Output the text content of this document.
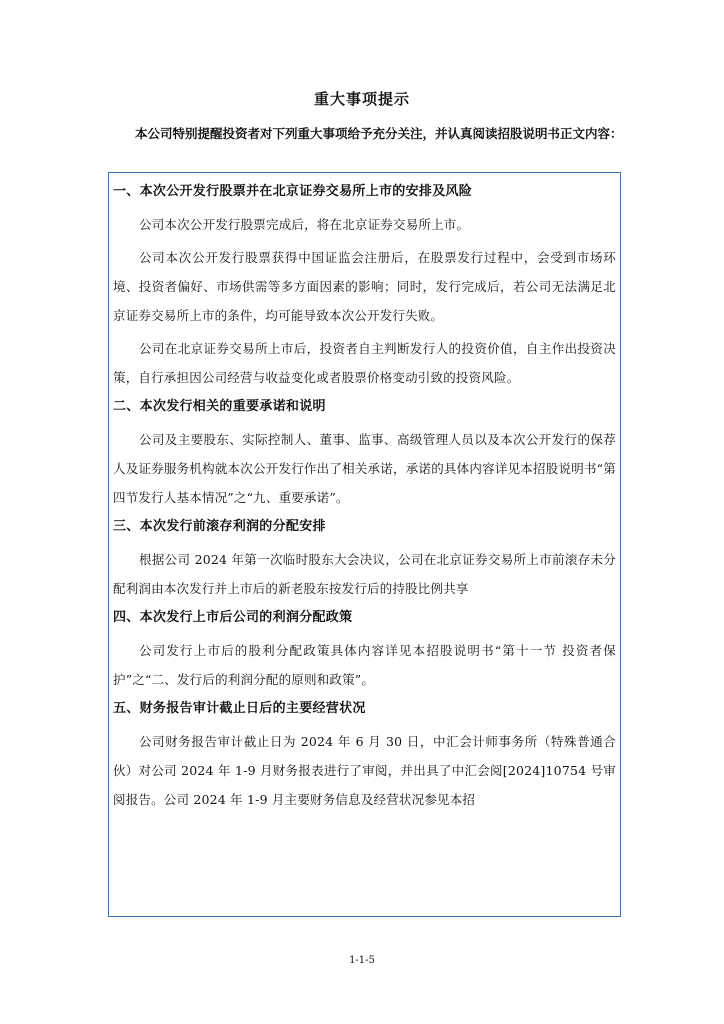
重大事项提示
本公司特别提醒投资者对下列重大事项给予充分关注，并认真阅读招股说明书正文内容：
一、本次公开发行股票并在北京证券交易所上市的安排及风险

公司本次公开发行股票完成后，将在北京证券交易所上市。

公司本次公开发行股票获得中国证监会注册后，在股票发行过程中，会受到市场环境、投资者偏好、市场供需等多方面因素的影响；同时，发行完成后，若公司无法满足北京证券交易所上市的条件，均可能导致本次公开发行失败。

公司在北京证券交易所上市后，投资者自主判断发行人的投资价值，自主作出投资决策，自行承担因公司经营与收益变化或者股票价格变动引致的投资风险。

二、本次发行相关的重要承诺和说明

公司及主要股东、实际控制人、董事、监事、高级管理人员以及本次公开发行的保荐人及证券服务机构就本次公开发行作出了相关承诺，承诺的具体内容详见本招股说明书“第四节发行人基本情况”之“九、重要承诺”。

三、本次发行前滚存利润的分配安排

根据公司 2024 年第一次临时股东大会决议，公司在北京证券交易所上市前滚存未分配利润由本次发行并上市后的新老股东按发行后的持股比例共享

四、本次发行上市后公司的利润分配政策

公司发行上市后的股利分配政策具体内容详见本招股说明书“第十一节 投资者保护”之“二、发行后的利润分配的原则和政策”。

五、财务报告审计截止日后的主要经营状况

公司财务报告审计截止日为 2024 年 6 月 30 日，中汇会计师事务所（特殊普通合伙）对公司 2024 年 1-9 月财务报表进行了审阅，并出具了中汇会阅[2024]10754 号审阅报告。公司 2024 年 1-9 月主要财务信息及经营状况参见本招

1-1-5
